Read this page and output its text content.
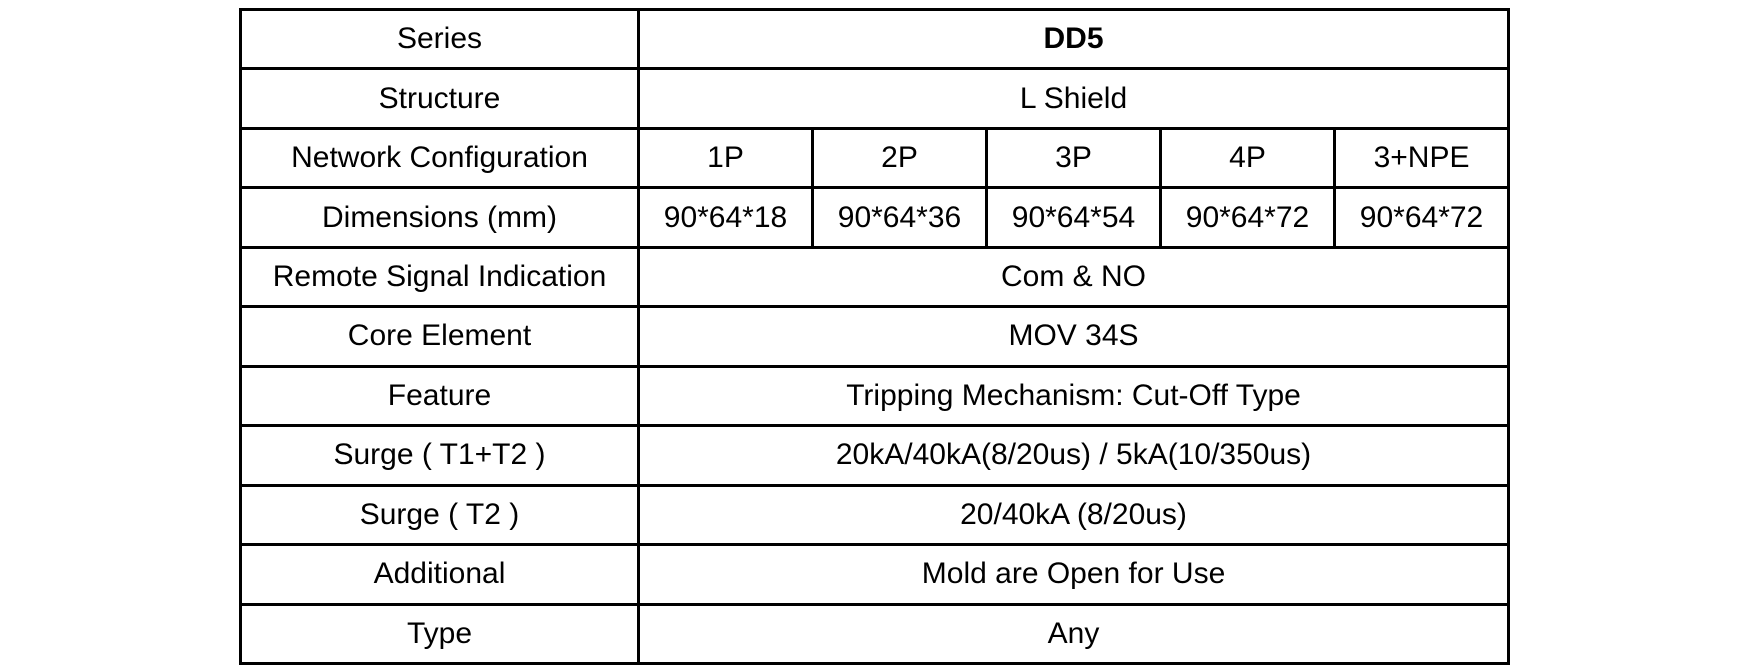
Series	DD5				
Structure	L Shield				
Network Configuration	1P	2P	3P	4P	3+NPE
Dimensions (mm)	90*64*18	90*64*36	90*64*54	90*64*72	90*64*72
Remote Signal Indication	Com & NO				
Core Element	MOV 34S				
Feature	Tripping Mechanism: Cut-Off Type				
Surge ( T1+T2 )	20kA/40kA(8/20us) / 5kA(10/350us)				
Surge ( T2 )	20/40kA (8/20us)				
Additional	Mold are Open for Use				
Type	Any				
